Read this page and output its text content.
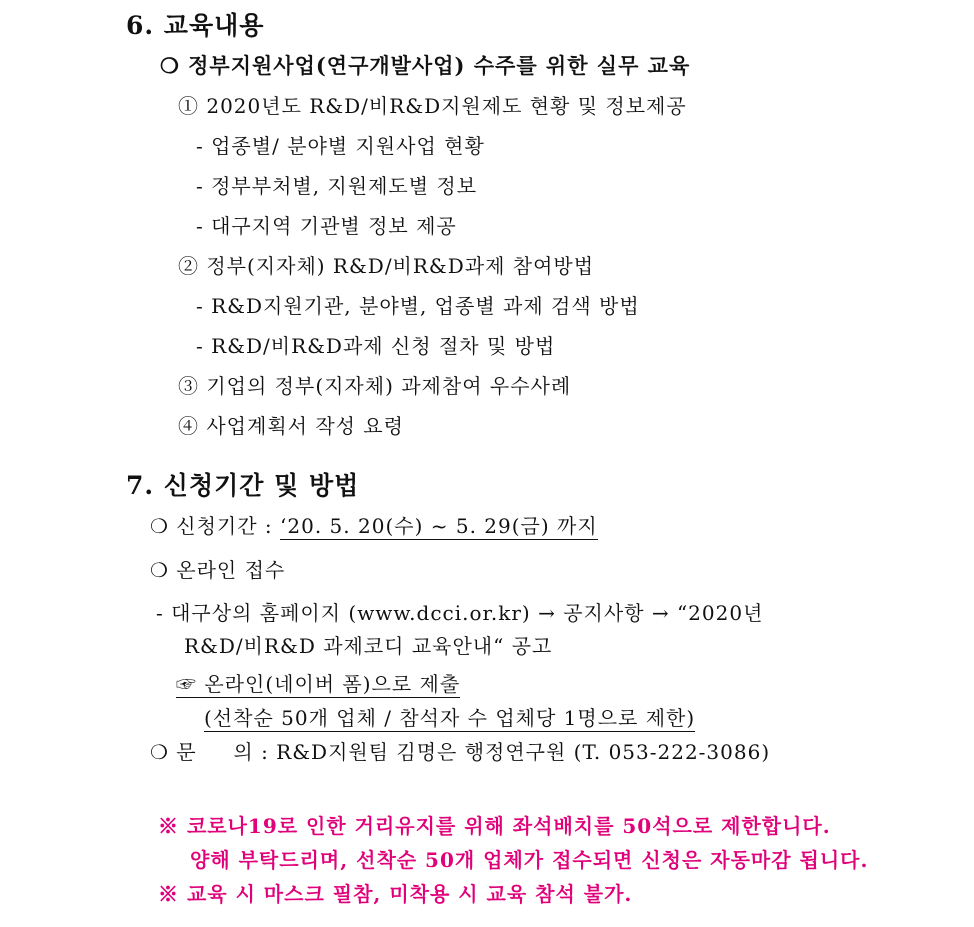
6. 교육내용
❍ 정부지원사업(연구개발사업) 수주를 위한 실무 교육
① 2020년도 R&D/비R&D지원제도 현황 및 정보제공
- 업종별/ 분야별 지원사업 현황
- 정부부처별, 지원제도별 정보
- 대구지역 기관별 정보 제공
② 정부(지자체) R&D/비R&D과제 참여방법
- R&D지원기관, 분야별, 업종별 과제 검색 방법
- R&D/비R&D과제 신청 절차 및 방법
③ 기업의 정부(지자체) 과제참여 우수사례
④ 사업계획서 작성 요령
7. 신청기간 및 방법
❍ 신청기간 : ‘20. 5. 20(수) ~ 5. 29(금) 까지
❍ 온라인 접수
- 대구상의 홈페이지 (www.dcci.or.kr) → 공지사항 → “2020년
R&D/비R&D 과제코디 교육안내“ 공고
☞ 온라인(네이버 폼)으로 제출
(선착순 50개 업체 / 참석자 수 업체당 1명으로 제한)
❍ 문     의 : R&D지원팀 김명은 행정연구원 (T. 053-222-3086)
※ 코로나19로 인한 거리유지를 위해 좌석배치를 50석으로 제한합니다.
양해 부탁드리며, 선착순 50개 업체가 접수되면 신청은 자동마감 됩니다.
※ 교육 시 마스크 필참, 미착용 시 교육 참석 불가.
